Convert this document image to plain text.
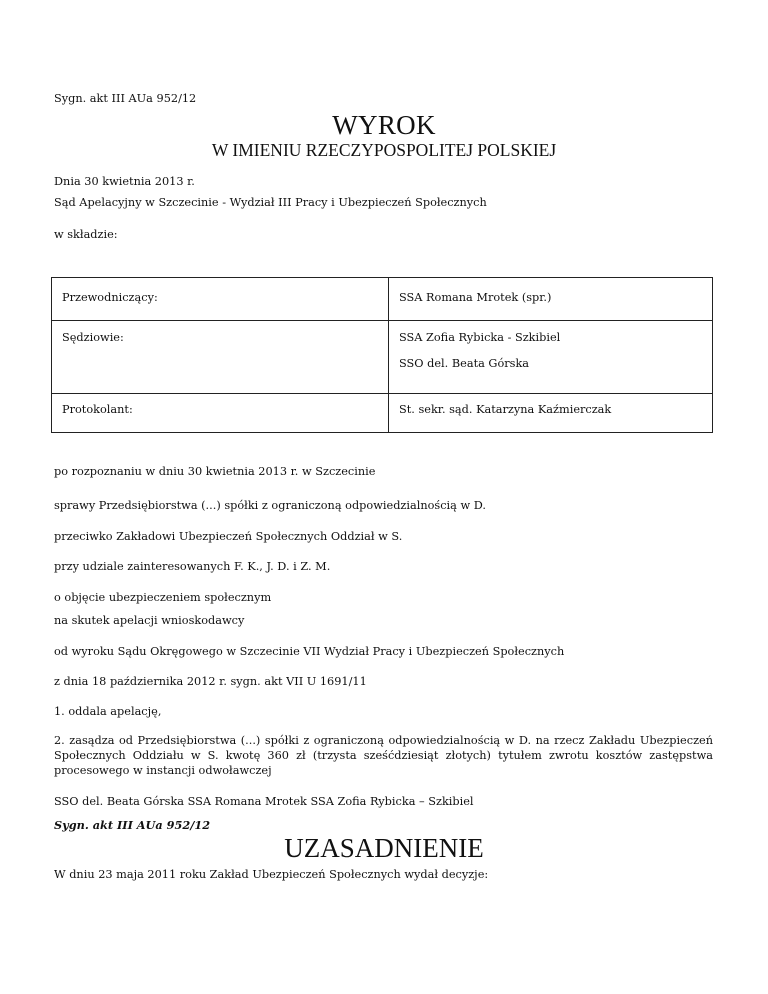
Sygn. akt III AUa 952/12
WYROK
W IMIENIU RZECZYPOSPOLITEJ POLSKIEJ
Dnia 30 kwietnia 2013 r.
Sąd Apelacyjny w Szczecinie - Wydział III Pracy i Ubezpieczeń Społecznych
w składzie:
Przewodniczący:	SSA Romana Mrotek (spr.)

Sędziowie:	SSA Zofia Rybicka - Szkibiel
SSO del. Beata Górska

Protokolant:	St. sekr. sąd. Katarzyna Kaźmierczak
po rozpoznaniu w dniu 30 kwietnia 2013 r. w Szczecinie
sprawy Przedsiębiorstwa (...) spółki z ograniczoną odpowiedzialnością w D.
przeciwko Zakładowi Ubezpieczeń Społecznych Oddział w S.
przy udziale zainteresowanych F. K., J. D. i Z. M.
o objęcie ubezpieczeniem społecznym
na skutek apelacji wnioskodawcy
od wyroku Sądu Okręgowego w Szczecinie VII Wydział Pracy i Ubezpieczeń Społecznych
z dnia 18 października 2012 r. sygn. akt VII U 1691/11
1. oddala apelację,
2. zasądza od Przedsiębiorstwa (...) spółki z ograniczoną odpowiedzialnością w D. na rzecz Zakładu Ubezpieczeń Społecznych Oddziału w S. kwotę 360 zł (trzysta sześćdziesiąt złotych) tytułem zwrotu kosztów zastępstwa procesowego w instancji odwoławczej
SSO del. Beata Górska SSA Romana Mrotek SSA Zofia Rybicka – Szkibiel
Sygn. akt III AUa 952/12
UZASADNIENIE
W dniu 23 maja 2011 roku Zakład Ubezpieczeń Społecznych wydał decyzje:
